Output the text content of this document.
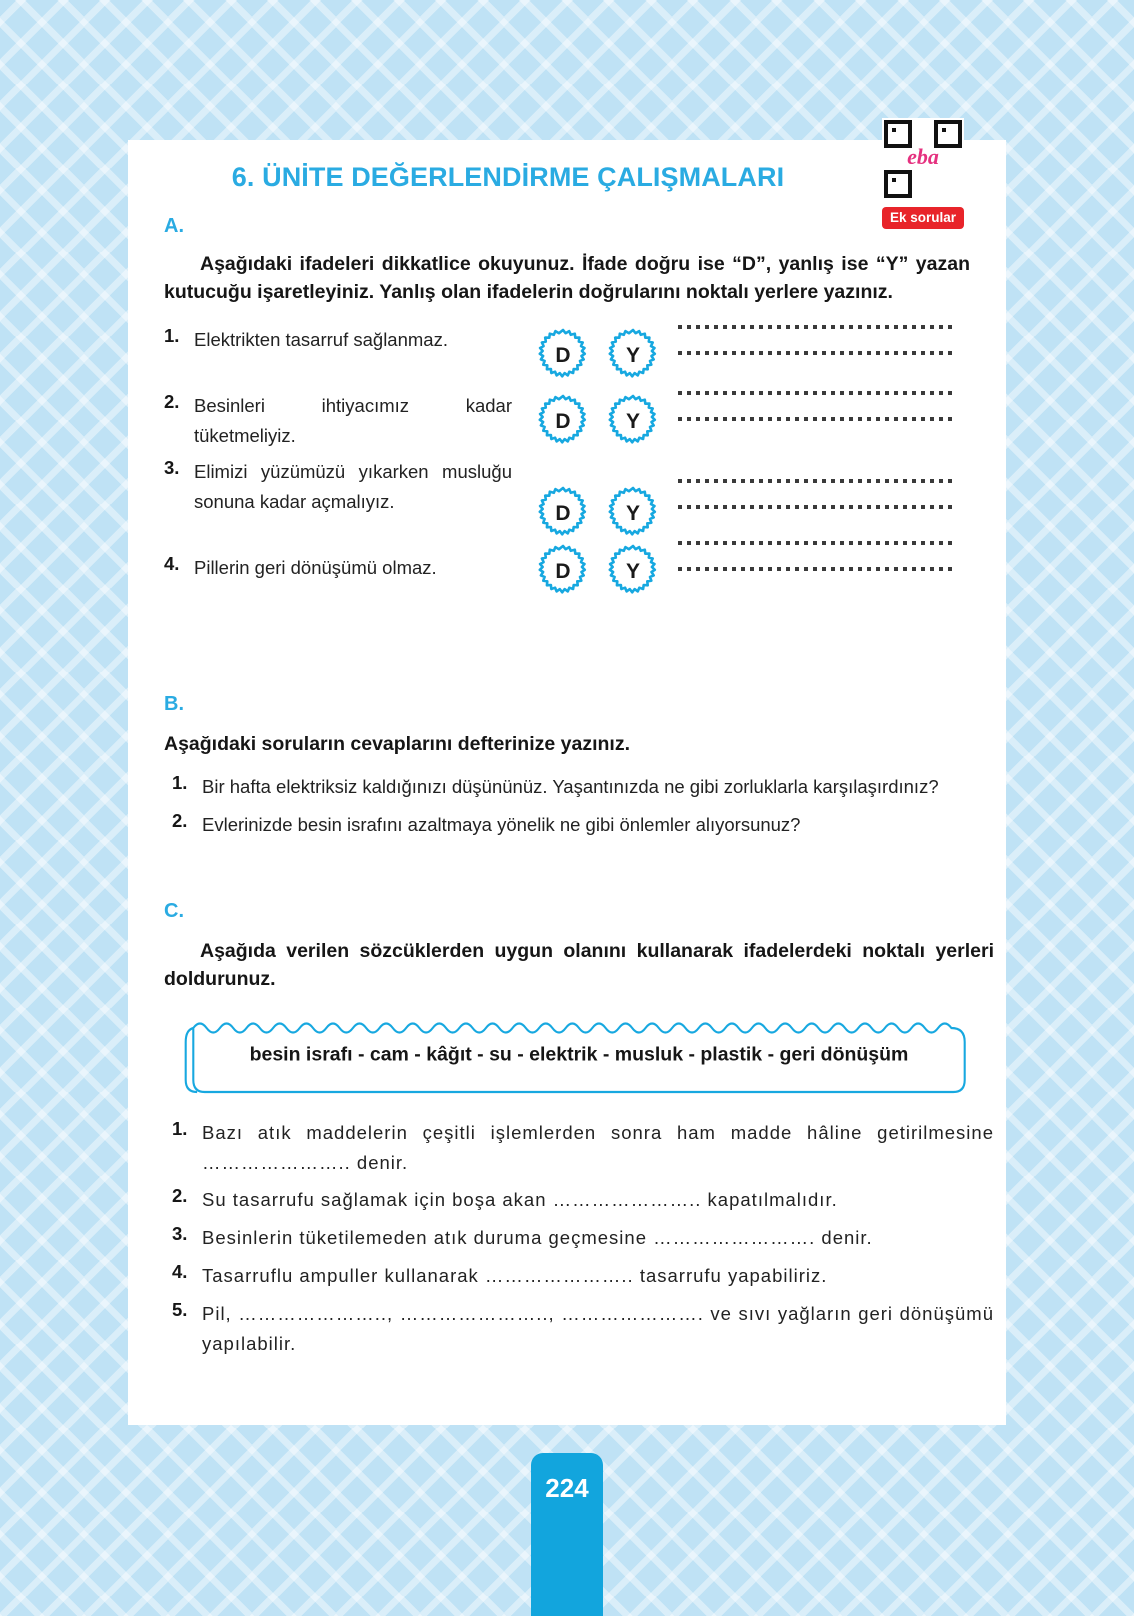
6. ÜNİTE DEĞERLENDİRME ÇALIŞMALARI
eba
Ek sorular
A.
Aşağıdaki ifadeleri dikkatlice okuyunuz. İfade doğru ise “D”, yanlış ise “Y” yazan kutucuğu işaretleyiniz. Yanlış olan ifadelerin doğrularını noktalı yerlere yazınız.
1. Elektrikten tasarruf sağlanmaz.
D	Y
2. Besinleri ihtiyacımız kadar tüketmeliyiz.
D	Y
3. Elimizi yüzümüzü yıkarken musluğu sonuna kadar açmalıyız.
D	Y
4. Pillerin geri dönüşümü olmaz.	D	Y
B.
Aşağıdaki soruların cevaplarını defterinize yazınız.
1. Bir hafta elektriksiz kaldığınızı düşününüz. Yaşantınızda ne gibi zorluklarla karşılaşırdınız?
2. Evlerinizde besin israfını azaltmaya yönelik ne gibi önlemler alıyorsunuz?
C.
Aşağıda verilen sözcüklerden uygun olanını kullanarak ifadelerdeki noktalı yerleri doldurunuz.
besin israfı - cam - kâğıt - su - elektrik - musluk - plastik - geri dönüşüm
1. Bazı atık maddelerin çeşitli işlemlerden sonra ham madde hâline getirilmesine ………………….. denir.
2. Su tasarrufu sağlamak için boşa akan ………………….. kapatılmalıdır.
3. Besinlerin tüketilemeden atık duruma geçmesine ……………………. denir.
4. Tasarruflu ampuller kullanarak ………………….. tasarrufu yapabiliriz.
5. Pil, ………………….., ………………….., …………………. ve sıvı yağların geri dönüşümü yapılabilir.
224
